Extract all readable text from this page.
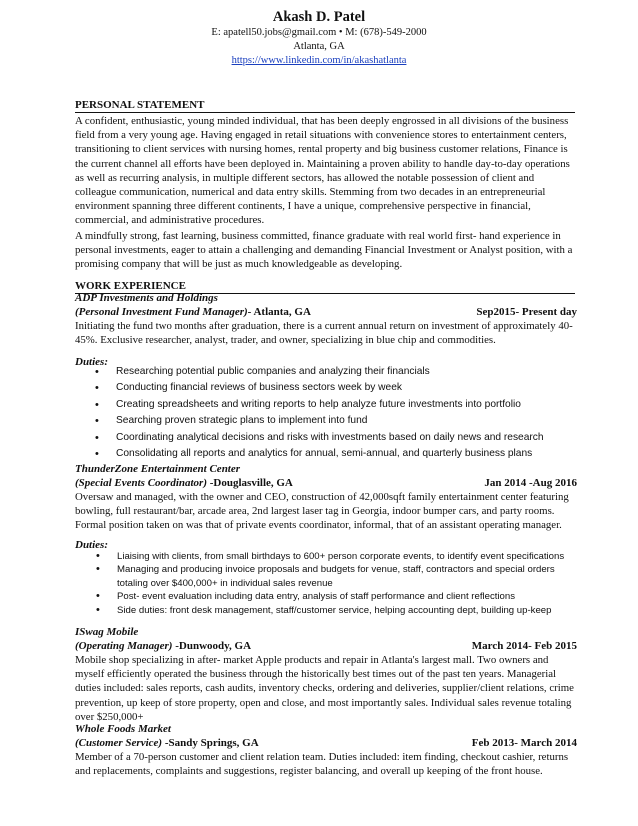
Akash D. Patel
E: apatell50.jobs@gmail.com • M: (678)-549-2000
Atlanta, GA
https://www.linkedin.com/in/akashatlanta
PERSONAL STATEMENT
A confident, enthusiastic, young minded individual, that has been deeply engrossed in all divisions of the business field from a very young age. Having engaged in retail situations with convenience stores to entertainment centers, transitioning to client services with nursing homes, rental property and big business customer relations, Finance is the current channel all efforts have been deployed in. Maintaining a proven ability to handle day-to-day operations as well as recurring analysis, in multiple different sectors, has allowed the notable possession of client and colleague communication, numerical and data entry skills. Stemming from two decades in an entrepreneurial environment spanning three different continents, I have a unique, comprehensive perspective in financial, commercial, and administrative procedures.
A mindfully strong, fast learning, business committed, finance graduate with real world first- hand experience in personal investments, eager to attain a challenging and demanding Financial Investment or Analyst position, with a promising company that will be just as much knowledgeable as developing.
WORK EXPERIENCE
ADP Investments and Holdings
(Personal Investment Fund Manager)- Atlanta, GA	Sep2015- Present day
Initiating the fund two months after graduation, there is a current annual return on investment of approximately 40-45%. Exclusive researcher, analyst, trader, and owner, specializing in blue chip and commodities.
Duties:
• Researching potential public companies and analyzing their financials
• Conducting financial reviews of business sectors week by week
• Creating spreadsheets and writing reports to help analyze future investments into portfolio
• Searching proven strategic plans to implement into fund
• Coordinating analytical decisions and risks with investments based on daily news and research
• Consolidating all reports and analytics for annual, semi-annual, and quarterly business plans
ThunderZone Entertainment Center
(Special Events Coordinator) -Douglasville, GA	Jan 2014 -Aug 2016
Oversaw and managed, with the owner and CEO, construction of 42,000sqft family entertainment center featuring bowling, full restaurant/bar, arcade area, 2nd largest laser tag in Georgia, indoor bumper cars, and party rooms. Formal position taken on was that of private events coordinator, informal, that of an assistant operating manager.
Duties:
• Liaising with clients, from small birthdays to 600+ person corporate events, to identify event specifications
• Managing and producing invoice proposals and budgets for venue, staff, contractors and special orders totaling over $400,000+ in individual sales revenue
• Post- event evaluation including data entry, analysis of staff performance and client reflections
• Side duties: front desk management, staff/customer service, helping accounting dept, building up-keep
ISwag Mobile
(Operating Manager) -Dunwoody, GA	March 2014- Feb 2015
Mobile shop specializing in after- market Apple products and repair in Atlanta's largest mall. Two owners and myself efficiently operated the business through the historically best times out of the past ten years. Managerial duties included: sales reports, cash audits, inventory checks, ordering and deliveries, supplier/client relations, crime prevention, up keep of store property, open and close, and most importantly sales. Individual sales revenue totaling over $250,000+
Whole Foods Market
(Customer Service) -Sandy Springs, GA	Feb 2013- March 2014
Member of a 70-person customer and client relation team. Duties included: item finding, checkout cashier, returns and replacements, complaints and suggestions, register balancing, and overall up keeping of the front house.
